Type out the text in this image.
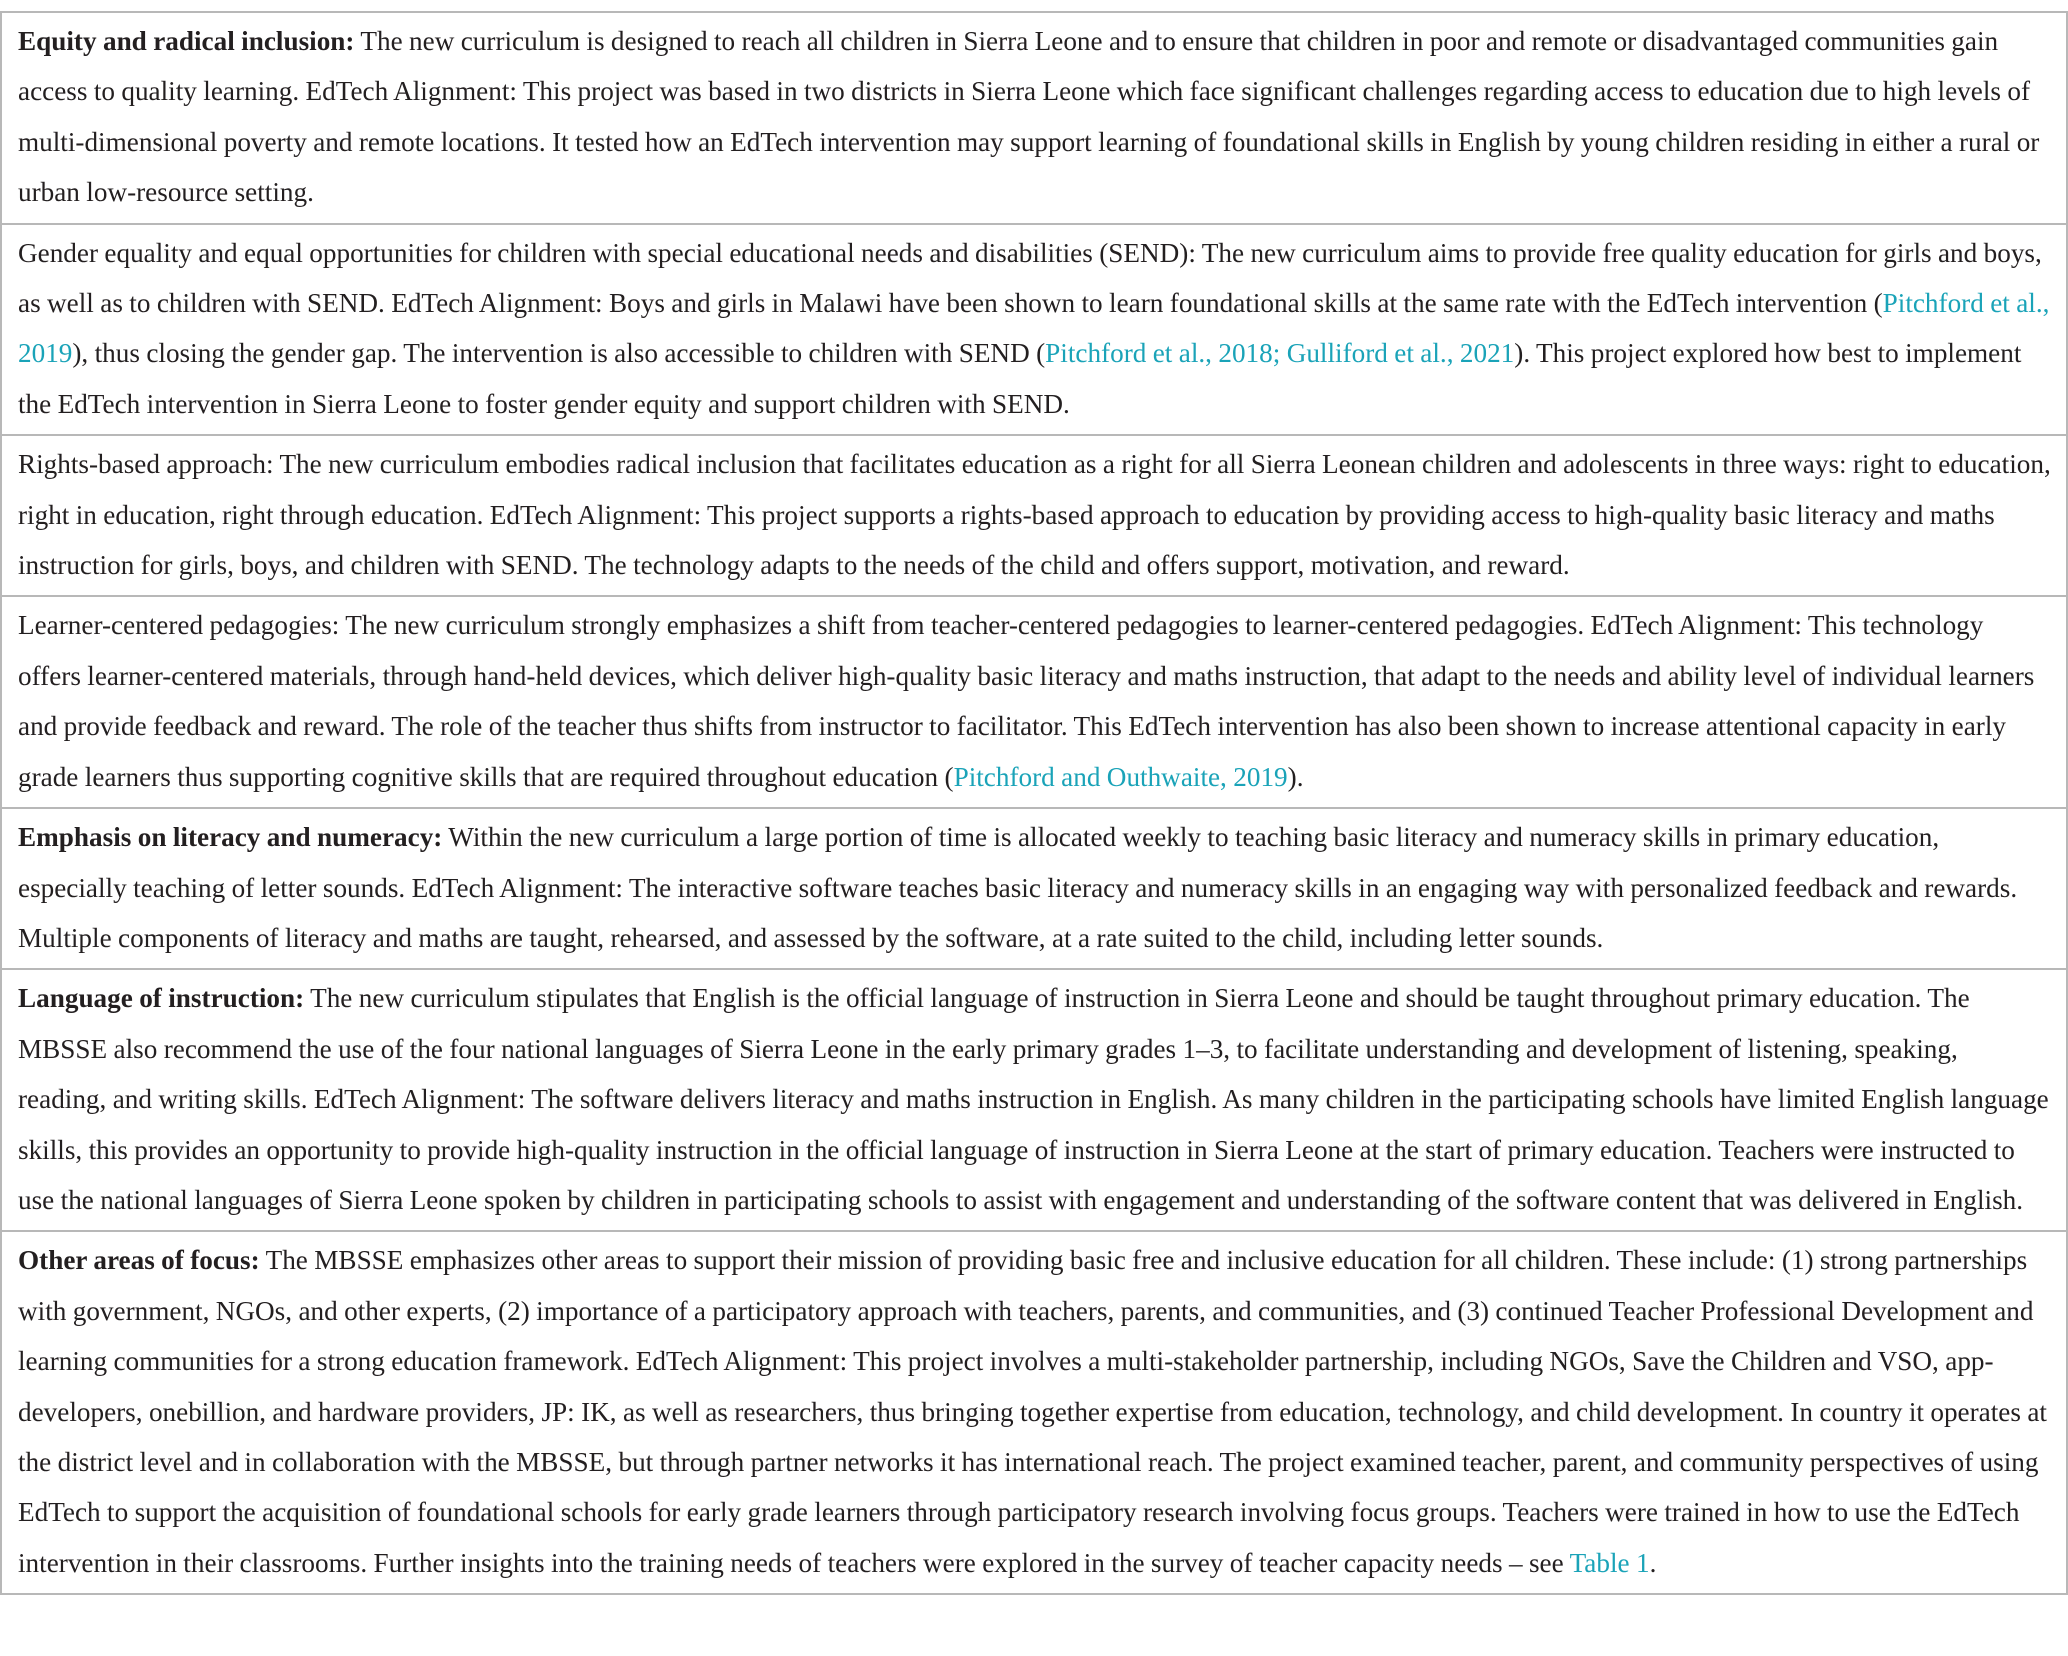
Equity and radical inclusion: The new curriculum is designed to reach all children in Sierra Leone and to ensure that children in poor and remote or disadvantaged communities gain access to quality learning. EdTech Alignment: This project was based in two districts in Sierra Leone which face significant challenges regarding access to education due to high levels of multi-dimensional poverty and remote locations. It tested how an EdTech intervention may support learning of foundational skills in English by young children residing in either a rural or urban low-resource setting.
Gender equality and equal opportunities for children with special educational needs and disabilities (SEND): The new curriculum aims to provide free quality education for girls and boys, as well as to children with SEND. EdTech Alignment: Boys and girls in Malawi have been shown to learn foundational skills at the same rate with the EdTech intervention (Pitchford et al., 2019), thus closing the gender gap. The intervention is also accessible to children with SEND (Pitchford et al., 2018; Gulliford et al., 2021). This project explored how best to implement the EdTech intervention in Sierra Leone to foster gender equity and support children with SEND.
Rights-based approach: The new curriculum embodies radical inclusion that facilitates education as a right for all Sierra Leonean children and adolescents in three ways: right to education, right in education, right through education. EdTech Alignment: This project supports a rights-based approach to education by providing access to high-quality basic literacy and maths instruction for girls, boys, and children with SEND. The technology adapts to the needs of the child and offers support, motivation, and reward.
Learner-centered pedagogies: The new curriculum strongly emphasizes a shift from teacher-centered pedagogies to learner-centered pedagogies. EdTech Alignment: This technology offers learner-centered materials, through hand-held devices, which deliver high-quality basic literacy and maths instruction, that adapt to the needs and ability level of individual learners and provide feedback and reward. The role of the teacher thus shifts from instructor to facilitator. This EdTech intervention has also been shown to increase attentional capacity in early grade learners thus supporting cognitive skills that are required throughout education (Pitchford and Outhwaite, 2019).
Emphasis on literacy and numeracy: Within the new curriculum a large portion of time is allocated weekly to teaching basic literacy and numeracy skills in primary education, especially teaching of letter sounds. EdTech Alignment: The interactive software teaches basic literacy and numeracy skills in an engaging way with personalized feedback and rewards. Multiple components of literacy and maths are taught, rehearsed, and assessed by the software, at a rate suited to the child, including letter sounds.
Language of instruction: The new curriculum stipulates that English is the official language of instruction in Sierra Leone and should be taught throughout primary education. The MBSSE also recommend the use of the four national languages of Sierra Leone in the early primary grades 1–3, to facilitate understanding and development of listening, speaking, reading, and writing skills. EdTech Alignment: The software delivers literacy and maths instruction in English. As many children in the participating schools have limited English language skills, this provides an opportunity to provide high-quality instruction in the official language of instruction in Sierra Leone at the start of primary education. Teachers were instructed to use the national languages of Sierra Leone spoken by children in participating schools to assist with engagement and understanding of the software content that was delivered in English.
Other areas of focus: The MBSSE emphasizes other areas to support their mission of providing basic free and inclusive education for all children. These include: (1) strong partnerships with government, NGOs, and other experts, (2) importance of a participatory approach with teachers, parents, and communities, and (3) continued Teacher Professional Development and learning communities for a strong education framework. EdTech Alignment: This project involves a multi-stakeholder partnership, including NGOs, Save the Children and VSO, app-developers, onebillion, and hardware providers, JP: IK, as well as researchers, thus bringing together expertise from education, technology, and child development. In country it operates at the district level and in collaboration with the MBSSE, but through partner networks it has international reach. The project examined teacher, parent, and community perspectives of using EdTech to support the acquisition of foundational schools for early grade learners through participatory research involving focus groups. Teachers were trained in how to use the EdTech intervention in their classrooms. Further insights into the training needs of teachers were explored in the survey of teacher capacity needs – see Table 1.
